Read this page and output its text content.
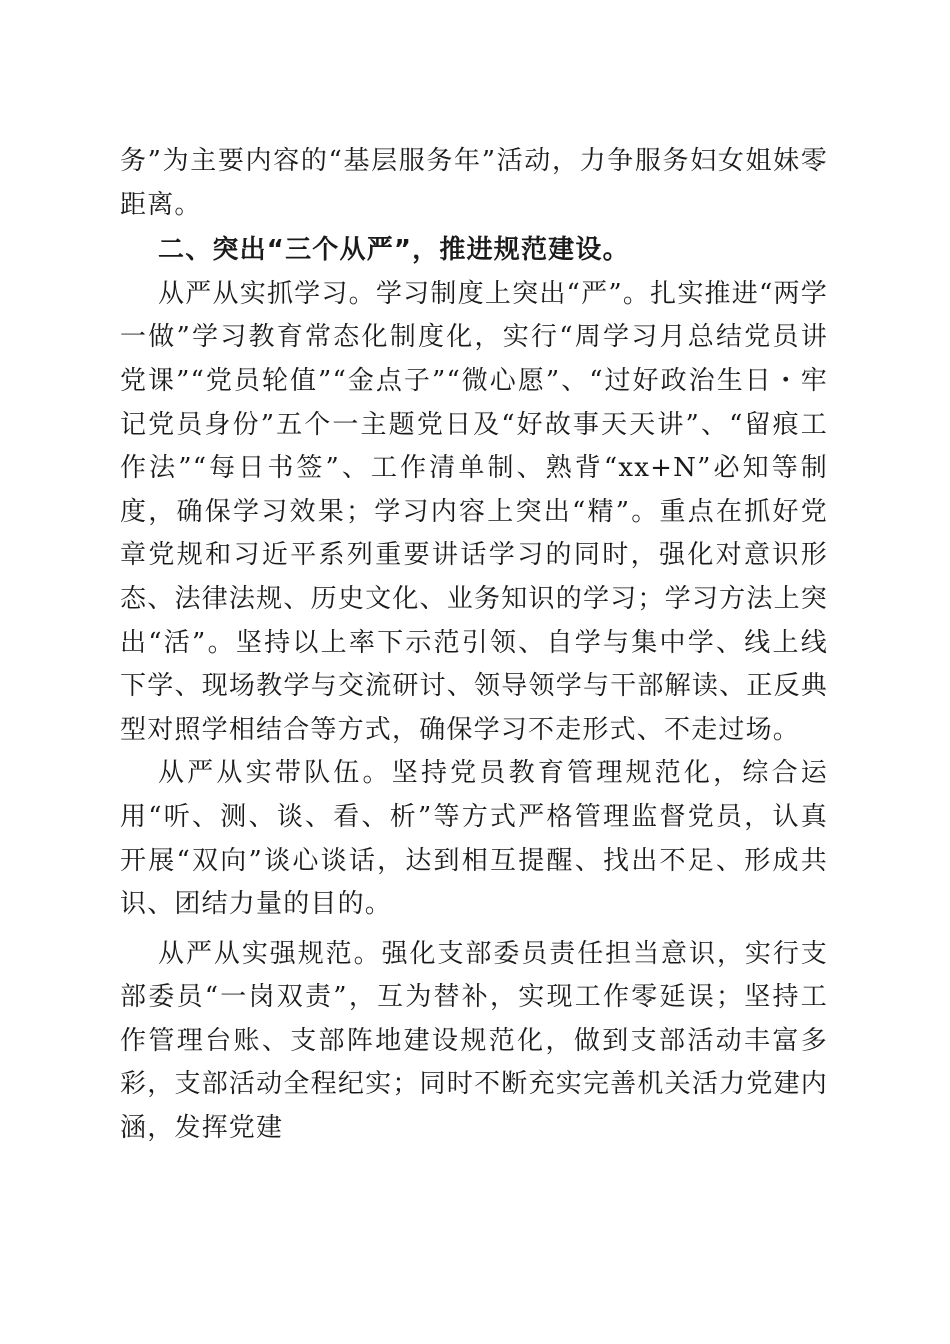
务”为主要内容的“基层服务年”活动，力争服务妇女姐妹零距离。

二、突出“三个从严”，推进规范建设。

从严从实抓学习。学习制度上突出“严”。扎实推进“两学一做”学习教育常态化制度化，实行“周学习月总结党员讲党课”“党员轮值”“金点子”“微心愿”、“过好政治生日・牢记党员身份”五个一主题党日及“好故事天天讲”、“留痕工作法”“每日书签”、工作清单制、熟背“xx+N”必知等制度，确保学习效果；学习内容上突出“精”。重点在抓好党章党规和习近平系列重要讲话学习的同时，强化对意识形态、法律法规、历史文化、业务知识的学习；学习方法上突出“活”。坚持以上率下示范引领、自学与集中学、线上线下学、现场教学与交流研讨、领导领学与干部解读、正反典型对照学相结合等方式，确保学习不走形式、不走过场。

从严从实带队伍。坚持党员教育管理规范化，综合运用“听、测、谈、看、析”等方式严格管理监督党员，认真开展“双向”谈心谈话，达到相互提醒、找出不足、形成共识、团结力量的目的。

从严从实强规范。强化支部委员责任担当意识，实行支部委员“一岗双责”，互为替补，实现工作零延误；坚持工作管理台账、支部阵地建设规范化，做到支部活动丰富多彩，支部活动全程纪实；同时不断充实完善机关活力党建内涵，发挥党建
